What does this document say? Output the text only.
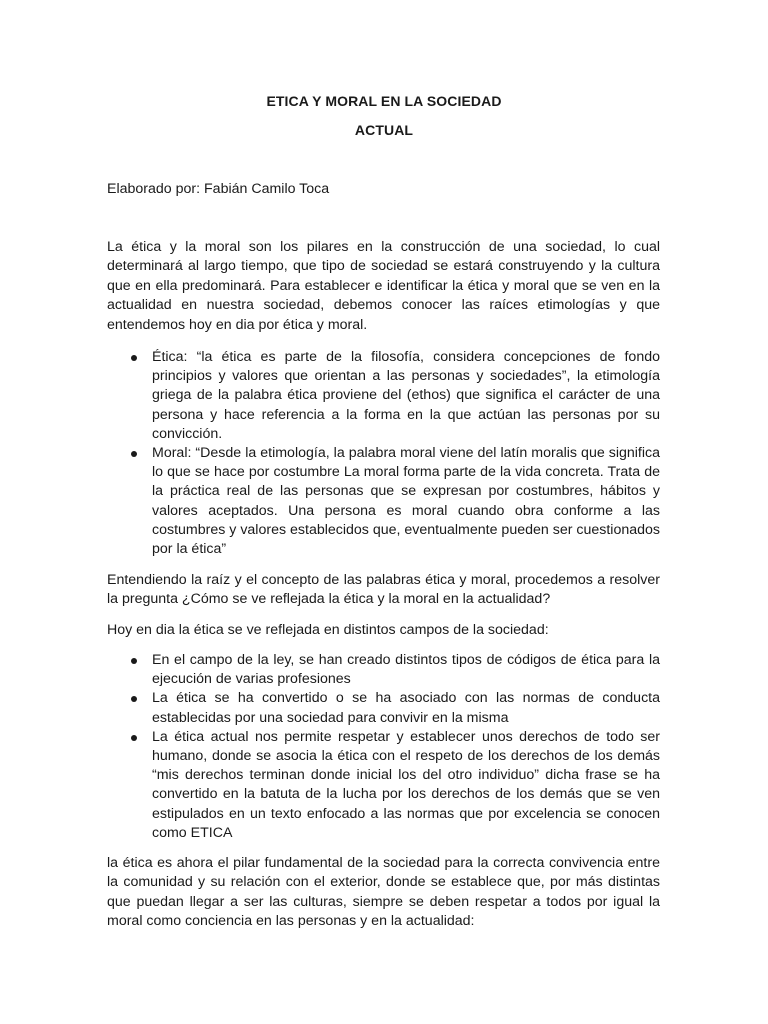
ETICA Y MORAL EN LA SOCIEDAD
ACTUAL
Elaborado por: Fabián Camilo Toca
La ética y la moral son los pilares en la construcción de una sociedad, lo cual determinará al largo tiempo, que tipo de sociedad se estará construyendo y la cultura que en ella predominará. Para establecer e identificar la ética y moral que se ven en la actualidad en nuestra sociedad, debemos conocer las raíces etimologías y que entendemos hoy en dia por ética y moral.
Ética: “la ética es parte de la filosofía, considera concepciones de fondo principios y valores que orientan a las personas y sociedades”, la etimología griega de la palabra ética proviene del (ethos) que significa el carácter de una persona y hace referencia a la forma en la que actúan las personas por su convicción.
Moral: “Desde la etimología, la palabra moral viene del latín moralis que significa lo que se hace por costumbre La moral forma parte de la vida concreta. Trata de la práctica real de las personas que se expresan por costumbres, hábitos y valores aceptados. Una persona es moral cuando obra conforme a las costumbres y valores establecidos que, eventualmente pueden ser cuestionados por la ética”
Entendiendo la raíz y el concepto de las palabras ética y moral, procedemos a resolver la pregunta ¿Cómo se ve reflejada la ética y la moral en la actualidad?
Hoy en dia la ética se ve reflejada en distintos campos de la sociedad:
En el campo de la ley, se han creado distintos tipos de códigos de ética para la ejecución de varias profesiones
La ética se ha convertido o se ha asociado con las normas de conducta establecidas por una sociedad para convivir en la misma
La ética actual nos permite respetar y establecer unos derechos de todo ser humano, donde se asocia la ética con el respeto de los derechos de los demás “mis derechos terminan donde inicial los del otro individuo” dicha frase se ha convertido en la batuta de la lucha por los derechos de los demás que se ven estipulados en un texto enfocado a las normas que por excelencia se conocen como ETICA
la ética es ahora el pilar fundamental de la sociedad para la correcta convivencia entre la comunidad y su relación con el exterior, donde se establece que, por más distintas que puedan llegar a ser las culturas, siempre se deben respetar a todos por igual la moral como conciencia en las personas y en la actualidad:
